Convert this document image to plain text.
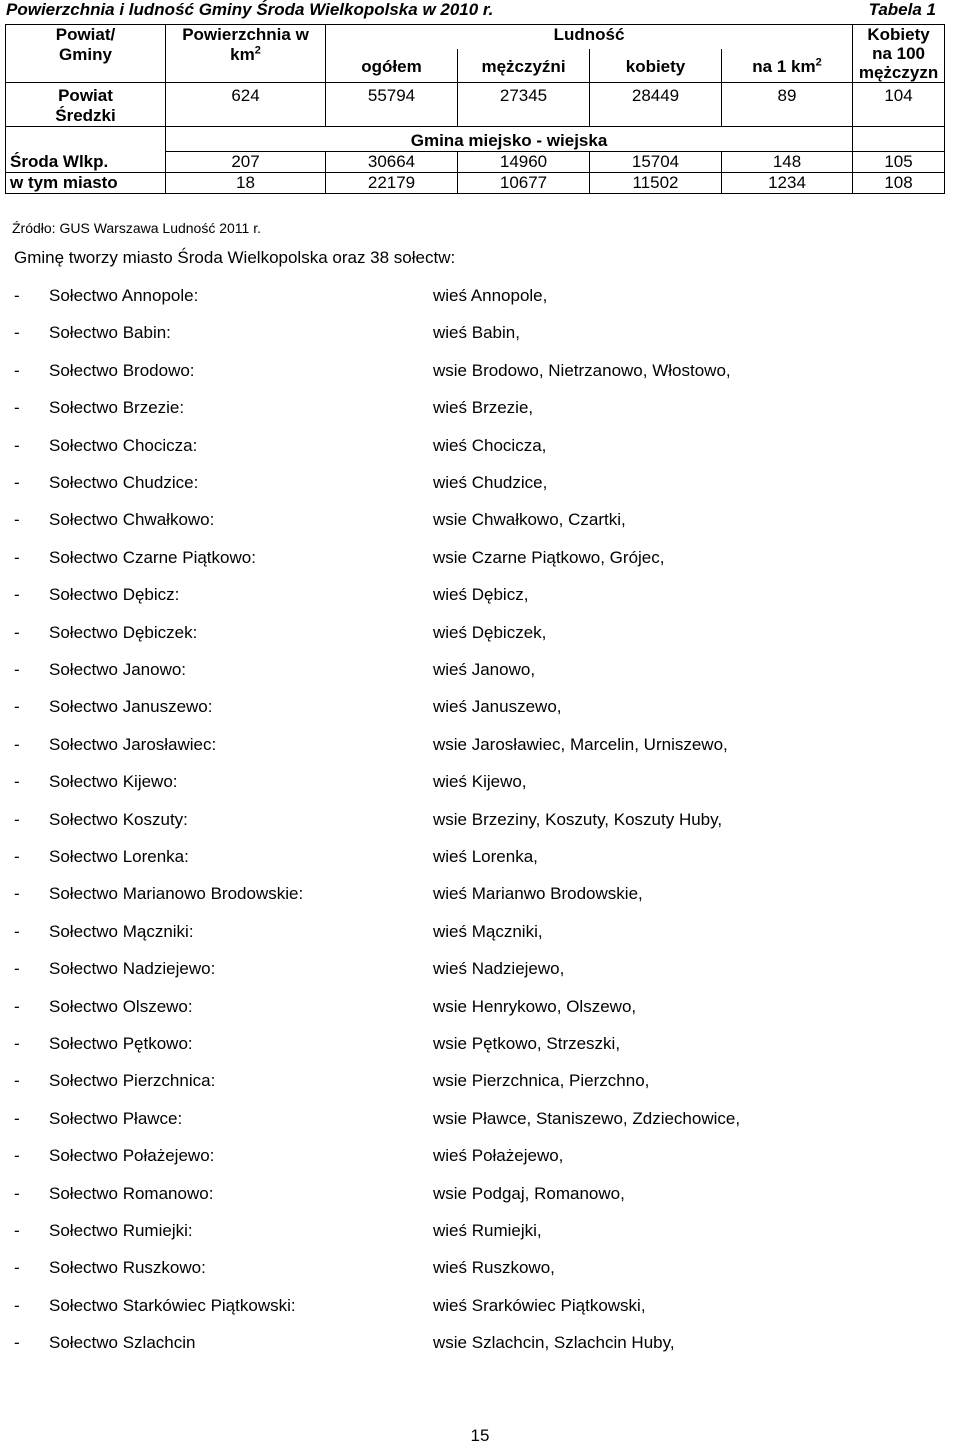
Powierzchnia i ludność Gminy Środa Wielkopolska w 2010 r.	Tabela 1
Powiat/
Gminy	Powierzchnia w $km^2$	Ludność				Kobiety
na 100
mężczyzn
		ogółem	mężczyźni	kobiety	na 1 $km^2$
Powiat
Średzki	624	55794	27345	28449	89	104
	Gmina miejsko - wiejska					
Środa Wlkp.	207	30664	14960	15704	148	105
w tym miasto	18	22179	10677	11502	1234	108
Źródło: GUS Warszawa Ludność 2011 r.
Gminę tworzy miasto Środa Wielkopolska oraz 38 sołectw:
- Sołectwo Annopole:	wieś Annopole,
- Sołectwo Babin:	wieś Babin,
- Sołectwo Brodowo:	wsie Brodowo, Nietrzanowo, Włostowo,
- Sołectwo Brzezie:	wieś Brzezie,
- Sołectwo Chocicza:	wieś Chocicza,
- Sołectwo Chudzice:	wieś Chudzice,
- Sołectwo Chwałkowo:	wsie Chwałkowo, Czartki,
- Sołectwo Czarne Piątkowo:	wsie Czarne Piątkowo, Grójec,
- Sołectwo Dębicz:	wieś Dębicz,
- Sołectwo Dębiczek:	wieś Dębiczek,
- Sołectwo Janowo:	wieś Janowo,
- Sołectwo Januszewo:	wieś Januszewo,
- Sołectwo Jarosławiec:	wsie Jarosławiec, Marcelin, Urniszewo,
- Sołectwo Kijewo:	wieś Kijewo,
- Sołectwo Koszuty:	wsie Brzeziny, Koszuty, Koszuty Huby,
- Sołectwo Lorenka:	wieś Lorenka,
- Sołectwo Marianowo Brodowskie:	wieś Marianwo Brodowskie,
- Sołectwo Mączniki:	wieś Mączniki,
- Sołectwo Nadziejewo:	wieś Nadziejewo,
- Sołectwo Olszewo:	wsie Henrykowo, Olszewo,
- Sołectwo Pętkowo:	wsie Pętkowo, Strzeszki,
- Sołectwo Pierzchnica:	wsie Pierzchnica, Pierzchno,
- Sołectwo Pławce:	wsie Pławce, Staniszewo, Zdziechowice,
- Sołectwo Połażejewo:	wieś Połażejewo,
- Sołectwo Romanowo:	wsie Podgaj, Romanowo,
- Sołectwo Rumiejki:	wieś Rumiejki,
- Sołectwo Ruszkowo:	wieś Ruszkowo,
- Sołectwo Starkówiec Piątkowski:	wieś Srarkówiec Piątkowski,
- Sołectwo Szlachcin	wsie Szlachcin, Szlachcin Huby,
15
